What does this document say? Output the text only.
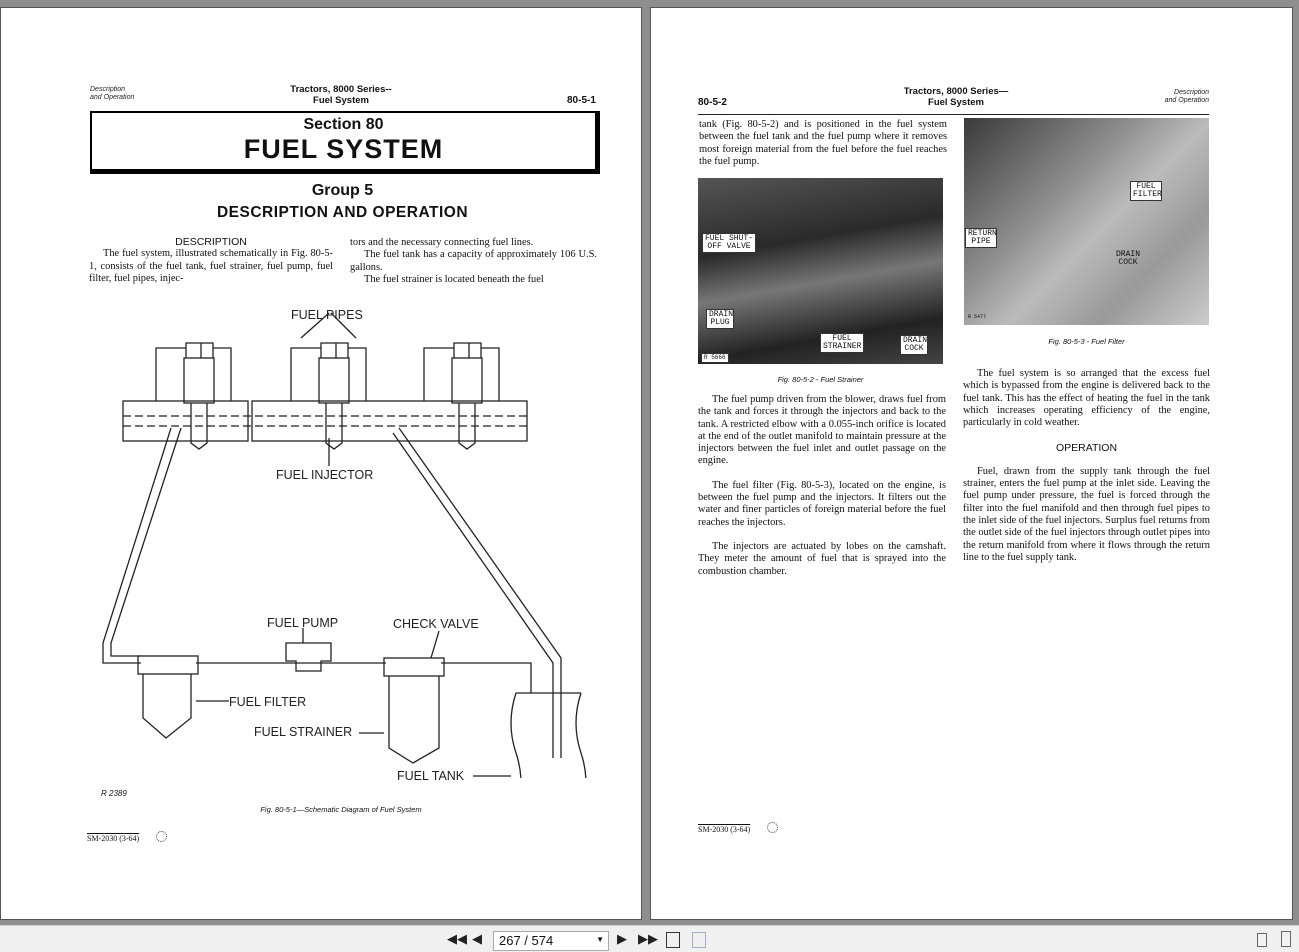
Description
and Operation
Tractors, 8000 Series--
Fuel System	80-5-1
Section 80
FUEL SYSTEM
Group 5
DESCRIPTION AND OPERATION
DESCRIPTION

The fuel system, illustrated schematically in Fig. 80-5-1, consists of the fuel tank, fuel strainer, fuel pump, fuel filter, fuel pipes, injec-

tors and the necessary connecting fuel lines.

The fuel tank has a capacity of approximately 106 U.S. gallons.

The fuel strainer is located beneath the fuel

FUEL PIPES
FUEL INJECTOR
FUEL PUMP	CHECK VALVE
FUEL FILTER
FUEL STRAINER
FUEL TANK
R 2389
Fig. 80-5-1—Schematic Diagram of Fuel System
SM-2030 (3-64)
80-5-2
Tractors, 8000 Series—
Fuel System
Description
and Operation
tank (Fig. 80-5-2) and is positioned in the fuel system between the fuel tank and the fuel pump where it removes most foreign material from the fuel before the fuel reaches the fuel pump.
FUEL SHUT- OFF VALVE
DRAIN PLUG
FUEL STRAINER
DRAIN COCK
R 5666
Fig. 80-5-2 - Fuel Strainer
FUEL FILTER
RETURN PIPE
DRAIN COCK
R 5477
Fig. 80-5-3 - Fuel Filter

The fuel pump driven from the blower, draws fuel from the tank and forces it through the injectors and back to the tank. A restricted elbow with a 0.055-inch orifice is located at the end of the outlet manifold to maintain pressure at the injectors between the fuel inlet and outlet passage on the engine.

The fuel filter (Fig. 80-5-3), located on the engine, is between the fuel pump and the injectors. It filters out the water and finer particles of foreign material before the fuel reaches the injectors.

The injectors are actuated by lobes on the camshaft. They meter the amount of fuel that is sprayed into the combustion chamber.

The fuel system is so arranged that the excess fuel which is bypassed from the engine is delivered back to the fuel tank. This has the effect of heating the fuel in the tank which increases operating efficiency of the engine, particularly in cold weather.

OPERATION

Fuel, drawn from the supply tank through the fuel strainer, enters the fuel pump at the inlet side. Leaving the fuel pump under pressure, the fuel is forced through the filter into the fuel manifold and then through fuel pipes to the inlet side of the fuel injectors. Surplus fuel returns from the outlet side of the fuel injectors through outlet pipes into the return manifold from where it flows through the return line to the fuel supply tank.

SM-2030 (3-64)
◀◀ ◀	267 / 574	▼ ▶ ▶▶
